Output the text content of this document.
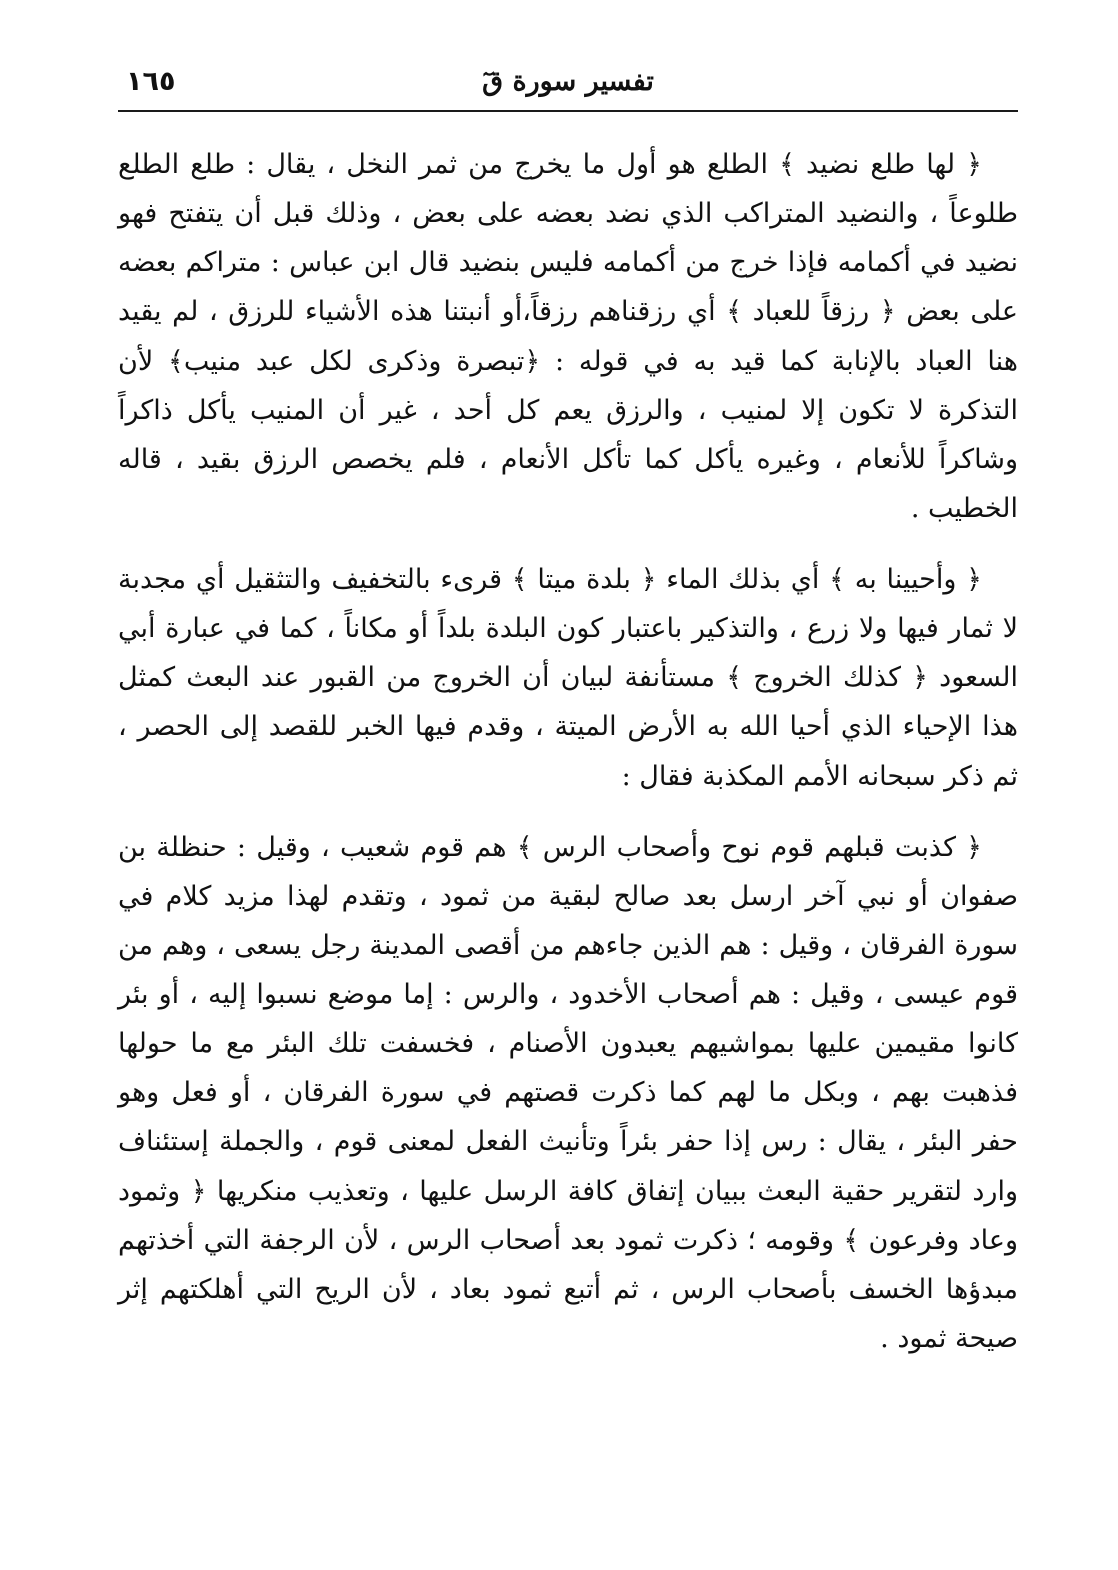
١٦٥	تفسير سورة قٓ

﴿ لها طلع نضيد ﴾ الطلع هو أول ما يخرج من ثمر النخل ، يقال : طلع الطلع طلوعاً ، والنضيد المتراكب الذي نضد بعضه على بعض ، وذلك قبل أن يتفتح فهو نضيد في أكمامه فإذا خرج من أكمامه فليس بنضيد قال ابن عباس : متراكم بعضه على بعض ﴿ رزقاً للعباد ﴾ أي رزقناهم رزقاً،أو أنبتنا هذه الأشياء للرزق ، لم يقيد هنا العباد بالإنابة كما قيد به في قوله : ﴿تبصرة وذكرى لكل عبد منيب﴾ لأن التذكرة لا تكون إلا لمنيب ، والرزق يعم كل أحد ، غير أن المنيب يأكل ذاكراً وشاكراً للأنعام ، وغيره يأكل كما تأكل الأنعام ، فلم يخصص الرزق بقيد ، قاله الخطيب .

﴿ وأحيينا به ﴾ أي بذلك الماء ﴿ بلدة ميتا ﴾ قرىء بالتخفيف والتثقيل أي مجدبة لا ثمار فيها ولا زرع ، والتذكير باعتبار كون البلدة بلداً أو مكاناً ، كما في عبارة أبي السعود ﴿ كذلك الخروج ﴾ مستأنفة لبيان أن الخروج من القبور عند البعث كمثل هذا الإحياء الذي أحيا الله به الأرض الميتة ، وقدم فيها الخبر للقصد إلى الحصر ، ثم ذكر سبحانه الأمم المكذبة فقال :

﴿ كذبت قبلهم قوم نوح وأصحاب الرس ﴾ هم قوم شعيب ، وقيل : حنظلة بن صفوان أو نبي آخر ارسل بعد صالح لبقية من ثمود ، وتقدم لهذا مزيد كلام في سورة الفرقان ، وقيل : هم الذين جاءهم من أقصى المدينة رجل يسعى ، وهم من قوم عيسى ، وقيل : هم أصحاب الأخدود ، والرس : إما موضع نسبوا إليه ، أو بئر كانوا مقيمين عليها بمواشيهم يعبدون الأصنام ، فخسفت تلك البئر مع ما حولها فذهبت بهم ، وبكل ما لهم كما ذكرت قصتهم في سورة الفرقان ، أو فعل وهو حفر البئر ، يقال : رس إذا حفر بئراً وتأنيث الفعل لمعنى قوم ، والجملة إستئناف وارد لتقرير حقية البعث ببيان إتفاق كافة الرسل عليها ، وتعذيب منكريها ﴿ وثمود وعاد وفرعون ﴾ وقومه ؛ ذكرت ثمود بعد أصحاب الرس ، لأن الرجفة التي أخذتهم مبدؤها الخسف بأصحاب الرس ، ثم أتبع ثمود بعاد ، لأن الريح التي أهلكتهم إثر صيحة ثمود .
